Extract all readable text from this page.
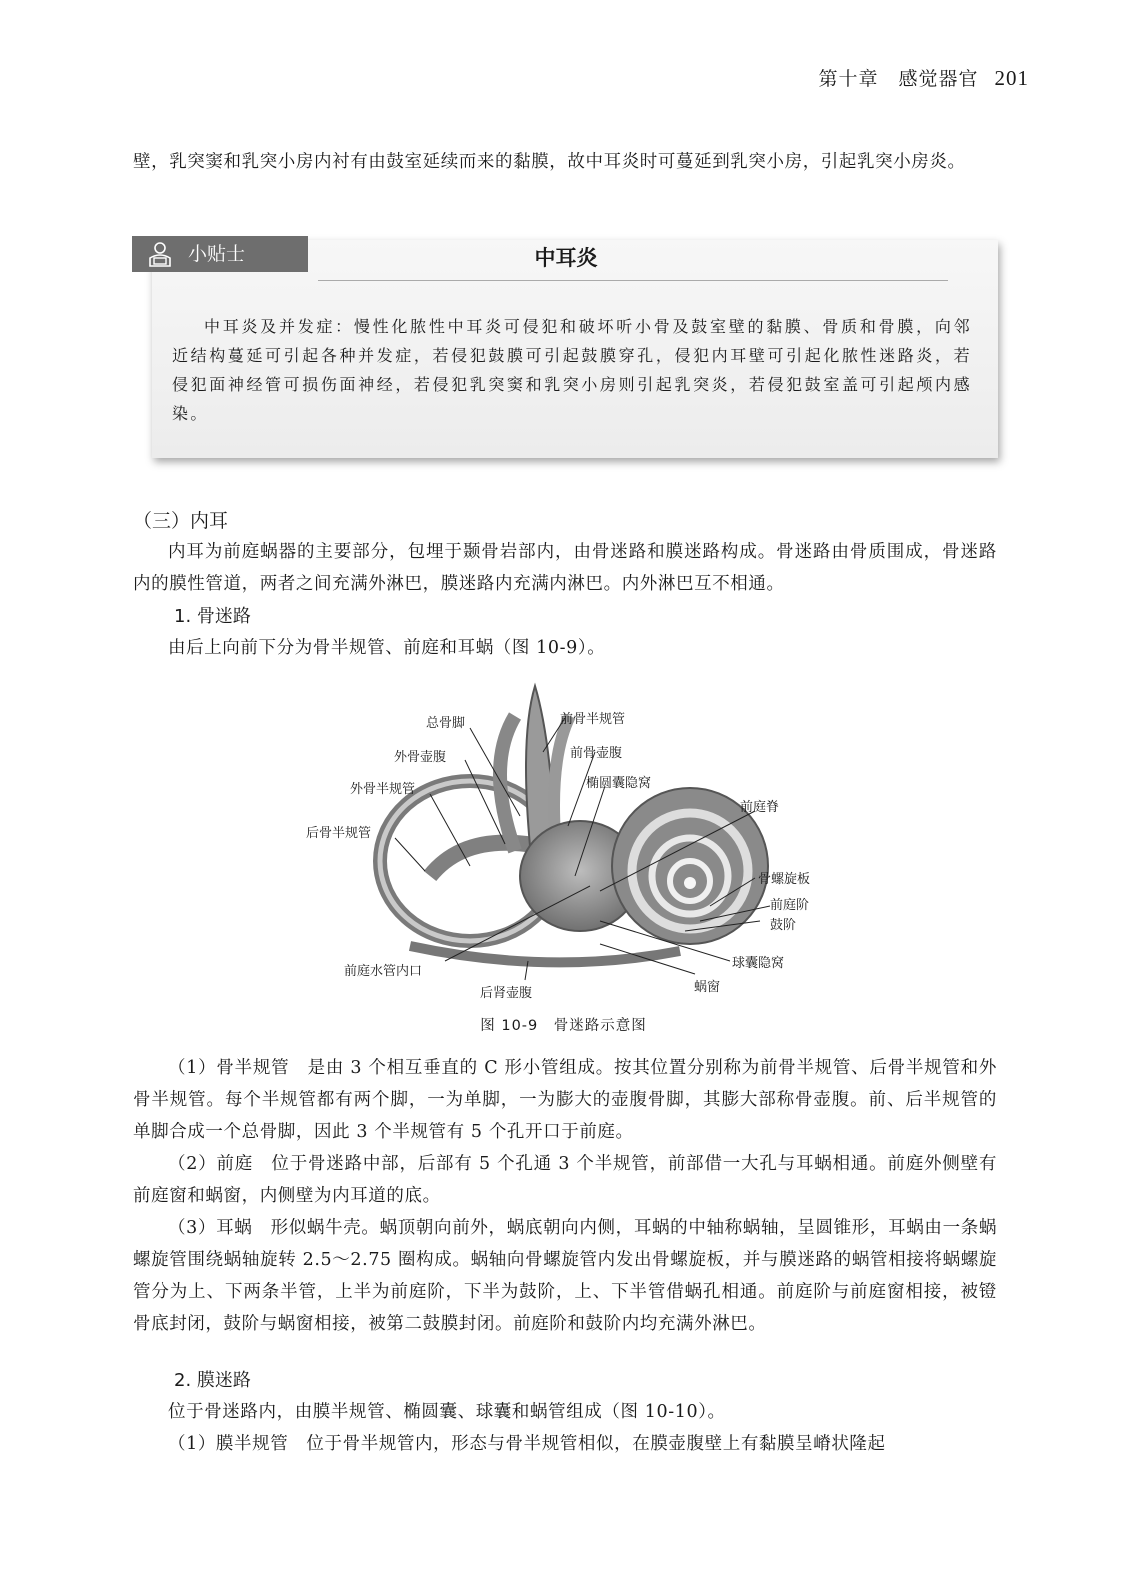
第十章　感觉器官 201
壁，乳突窦和乳突小房内衬有由鼓室延续而来的黏膜，故中耳炎时可蔓延到乳突小房，引起乳突小房炎。
小贴士	中耳炎
中耳炎及并发症：慢性化脓性中耳炎可侵犯和破坏听小骨及鼓室壁的黏膜、骨质和骨膜，向邻近结构蔓延可引起各种并发症，若侵犯鼓膜可引起鼓膜穿孔，侵犯内耳壁可引起化脓性迷路炎，若侵犯面神经管可损伤面神经，若侵犯乳突窦和乳突小房则引起乳突炎，若侵犯鼓室盖可引起颅内感染。
（三）内耳
内耳为前庭蜗器的主要部分，包埋于颞骨岩部内，由骨迷路和膜迷路构成。骨迷路由骨质围成，骨迷路内的膜性管道，两者之间充满外淋巴，膜迷路内充满内淋巴。内外淋巴互不相通。
1. 骨迷路
由后上向前下分为骨半规管、前庭和耳蜗（图 10-9）。
总骨脚	前骨半规管
外骨壶腹	前骨壶腹
外骨半规管	椭圆囊隐窝
前庭脊
后骨半规管
骨螺旋板
前庭阶
鼓阶
球囊隐窝
前庭水管内口
后肾壶腹	蜗窗
图 10-9　骨迷路示意图
（1）骨半规管　是由 3 个相互垂直的 C 形小管组成。按其位置分别称为前骨半规管、后骨半规管和外骨半规管。每个半规管都有两个脚，一为单脚，一为膨大的壶腹骨脚，其膨大部称骨壶腹。前、后半规管的单脚合成一个总骨脚，因此 3 个半规管有 5 个孔开口于前庭。
（2）前庭　位于骨迷路中部，后部有 5 个孔通 3 个半规管，前部借一大孔与耳蜗相通。前庭外侧壁有前庭窗和蜗窗，内侧壁为内耳道的底。
（3）耳蜗　形似蜗牛壳。蜗顶朝向前外，蜗底朝向内侧，耳蜗的中轴称蜗轴，呈圆锥形，耳蜗由一条蜗螺旋管围绕蜗轴旋转 2.5～2.75 圈构成。蜗轴向骨螺旋管内发出骨螺旋板，并与膜迷路的蜗管相接将蜗螺旋管分为上、下两条半管，上半为前庭阶，下半为鼓阶，上、下半管借蜗孔相通。前庭阶与前庭窗相接，被镫骨底封闭，鼓阶与蜗窗相接，被第二鼓膜封闭。前庭阶和鼓阶内均充满外淋巴。
2. 膜迷路
位于骨迷路内，由膜半规管、椭圆囊、球囊和蜗管组成（图 10-10）。
（1）膜半规管　位于骨半规管内，形态与骨半规管相似，在膜壶腹壁上有黏膜呈嵴状隆起
